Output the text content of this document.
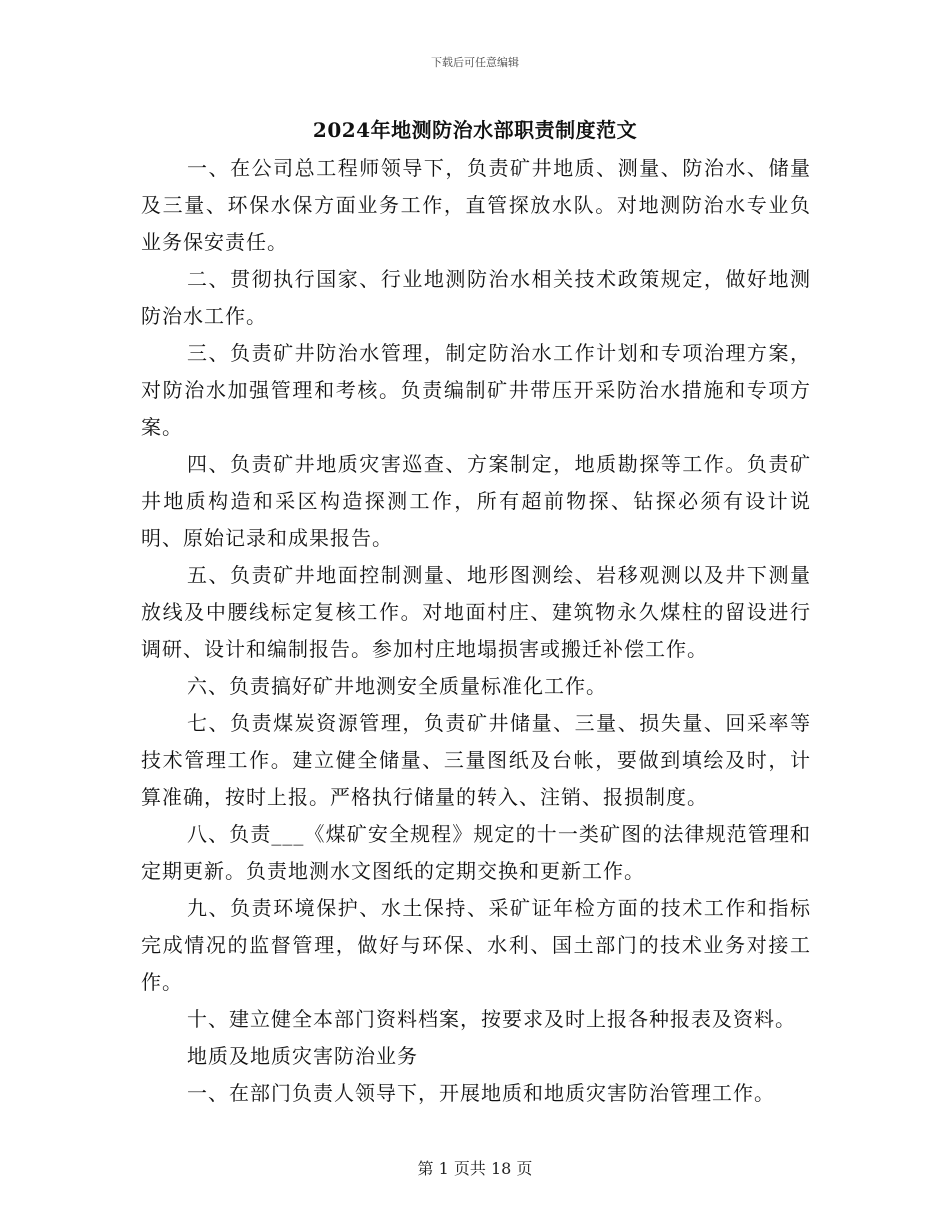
下载后可任意编辑
2024年地测防治水部职责制度范文

一、在公司总工程师领导下，负责矿井地质、测量、防治水、储量及三量、环保水保方面业务工作，直管探放水队。对地测防治水专业负业务保安责任。

二、贯彻执行国家、行业地测防治水相关技术政策规定，做好地测防治水工作。

三、负责矿井防治水管理，制定防治水工作计划和专项治理方案，对防治水加强管理和考核。负责编制矿井带压开采防治水措施和专项方案。

四、负责矿井地质灾害巡查、方案制定，地质勘探等工作。负责矿井地质构造和采区构造探测工作，所有超前物探、钻探必须有设计说明、原始记录和成果报告。

五、负责矿井地面控制测量、地形图测绘、岩移观测以及井下测量放线及中腰线标定复核工作。对地面村庄、建筑物永久煤柱的留设进行调研、设计和编制报告。参加村庄地塌损害或搬迁补偿工作。

六、负责搞好矿井地测安全质量标准化工作。

七、负责煤炭资源管理，负责矿井储量、三量、损失量、回采率等技术管理工作。建立健全储量、三量图纸及台帐，要做到填绘及时，计算准确，按时上报。严格执行储量的转入、注销、报损制度。

八、负责___《煤矿安全规程》规定的十一类矿图的法律规范管理和定期更新。负责地测水文图纸的定期交换和更新工作。

九、负责环境保护、水土保持、采矿证年检方面的技术工作和指标完成情况的监督管理，做好与环保、水利、国土部门的技术业务对接工作。

十、建立健全本部门资料档案，按要求及时上报各种报表及资料。

地质及地质灾害防治业务

一、在部门负责人领导下，开展地质和地质灾害防治管理工作。

第 1 页共 18 页
